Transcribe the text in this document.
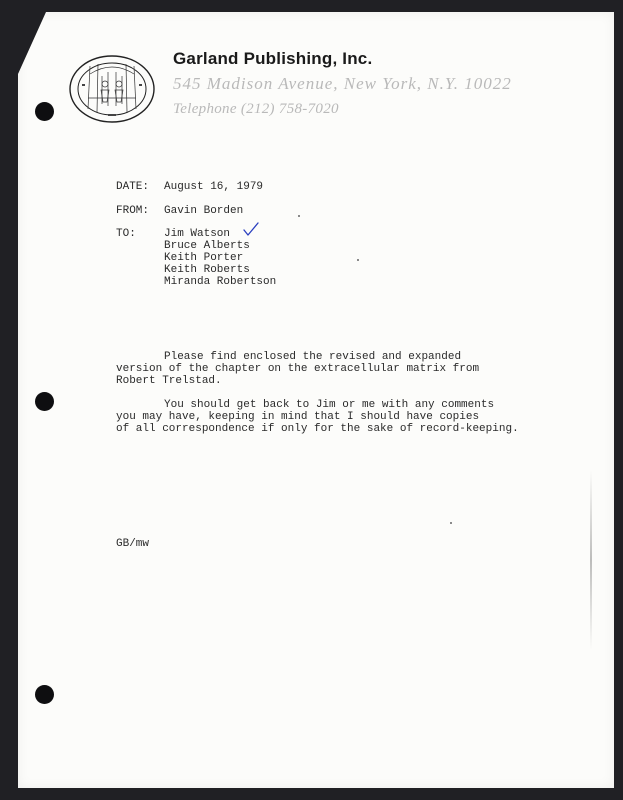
Garland Publishing, Inc.
545 Madison Avenue, New York, N.Y. 10022
Telephone (212) 758-7020
DATE: August 16, 1979
FROM: Gavin Borden
TO:	Jim Watson
Bruce Alberts
Keith Porter
Keith Roberts
Miranda Robertson
Please find enclosed the revised and expanded
version of the chapter on the extracellular matrix from
Robert Trelstad.
You should get back to Jim or me with any comments
you may have, keeping in mind that I should have copies
of all correspondence if only for the sake of record-keeping.
GB/mw
